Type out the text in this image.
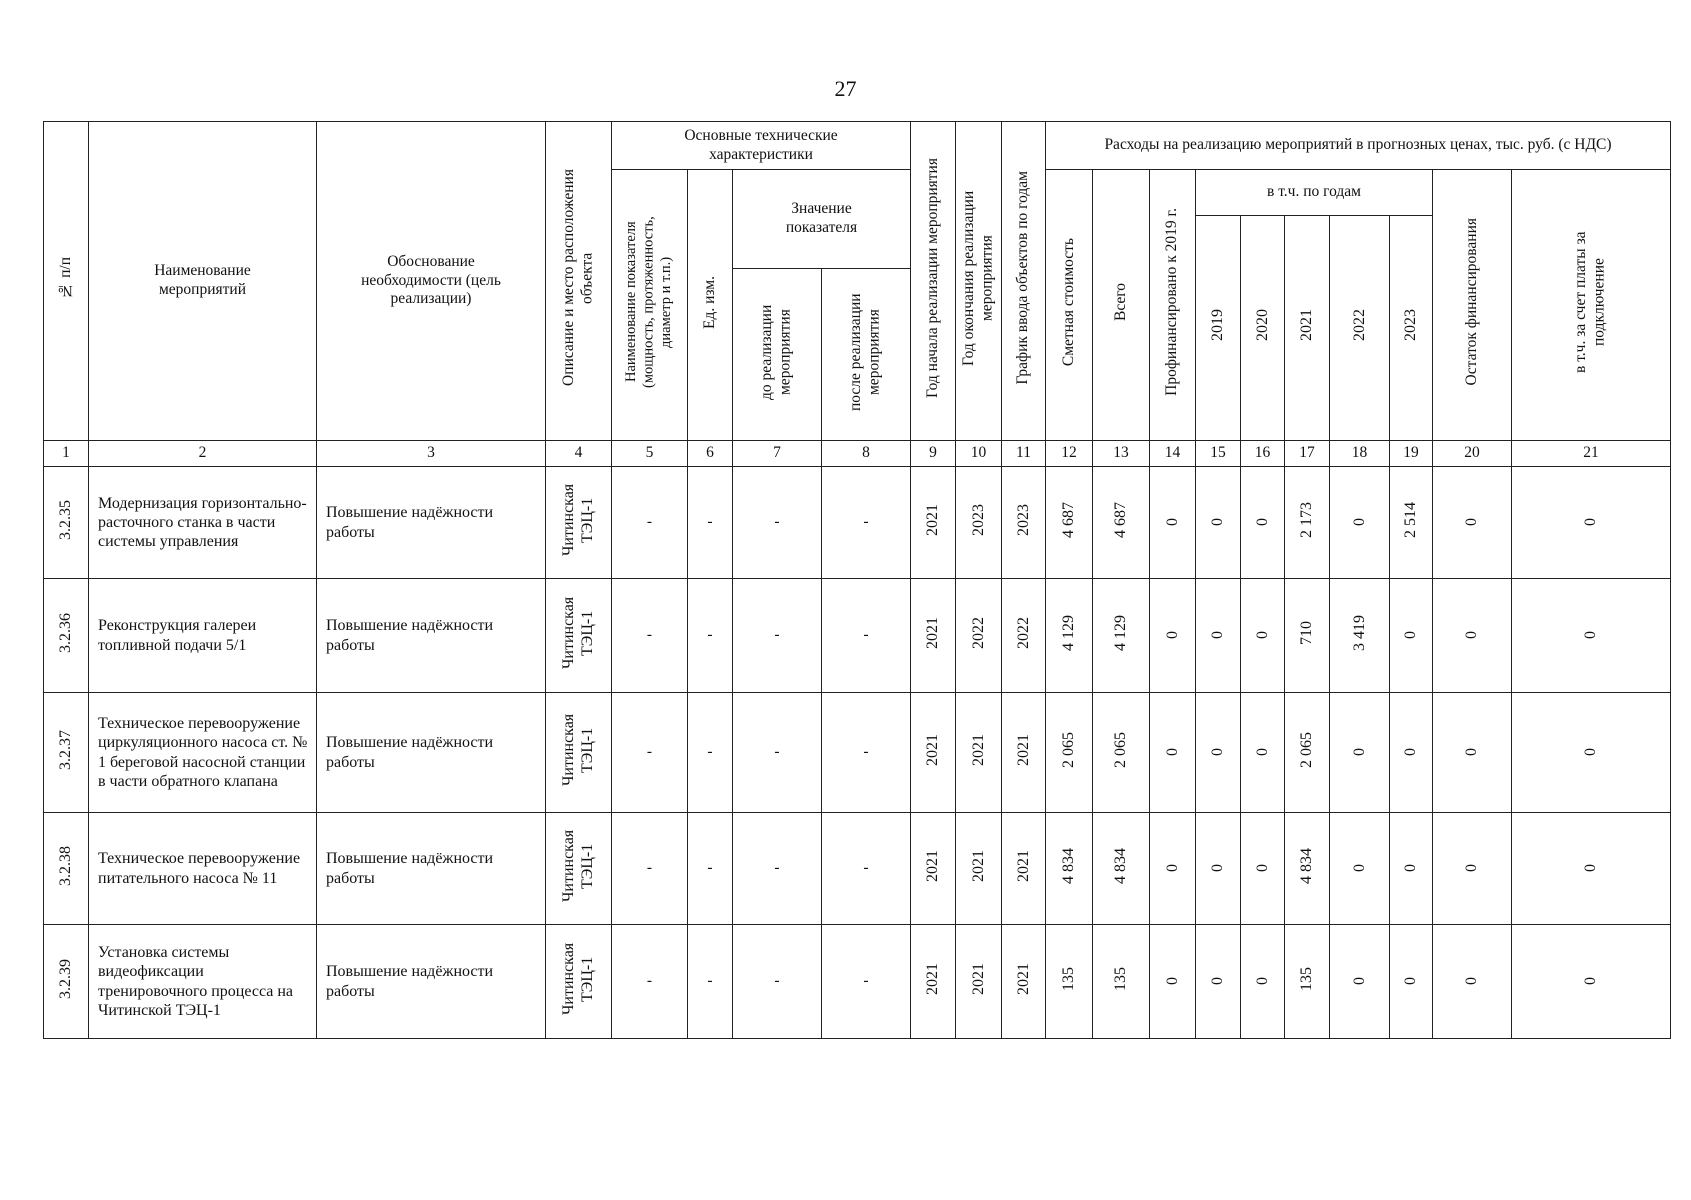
27
№ п/п	Наименование мероприятий	Обоснование необходимости (цель реализации)	Описание и место расположения объекта	Основные технические характеристики				Год начала реализации мероприятия	Год окончания реализации мероприятия	График ввода объектов по годам	Расходы на реализацию мероприятий в прогнозных ценах, тыс. руб. (с НДС)									
				Наименование показателя (мощность, протяженность, диаметр и т.п.)	Ед. изм.	Значение показателя					Сметная стоимость	Всего	Профинансировано к 2019 г.	в т.ч. по годам					Остаток финансирования	в т.ч. за счет платы за подключение
														2019	2020	2021	2022	2023		
						до реализации мероприятия	после реализации мероприятия													
1	2	3	4	5	6	7	8	9	10	11	12	13	14	15	16	17	18	19	20	21
3.2.35	Модернизация горизонтально-расточного станка в части системы управления	Повышение надёжности работы	Читинская ТЭЦ-1	-	-	-	-	2021	2023	2023	4 687	4 687	0	0	0	2 173	0	2 514	0	0
3.2.36	Реконструкция галереи топливной подачи 5/1	Повышение надёжности работы	Читинская ТЭЦ-1	-	-	-	-	2021	2022	2022	4 129	4 129	0	0	0	710	3 419	0	0	0
3.2.37	Техническое перевооружение циркуляционного насоса ст. № 1 береговой насосной станции в части обратного клапана	Повышение надёжности работы	Читинская ТЭЦ-1	-	-	-	-	2021	2021	2021	2 065	2 065	0	0	0	2 065	0	0	0	0
3.2.38	Техническое перевооружение питательного насоса № 11	Повышение надёжности работы	Читинская ТЭЦ-1	-	-	-	-	2021	2021	2021	4 834	4 834	0	0	0	4 834	0	0	0	0
3.2.39	Установка системы видеофиксации тренировочного процесса на Читинской ТЭЦ-1	Повышение надёжности работы	Читинская ТЭЦ-1	-	-	-	-	2021	2021	2021	135	135	0	0	0	135	0	0	0	0
